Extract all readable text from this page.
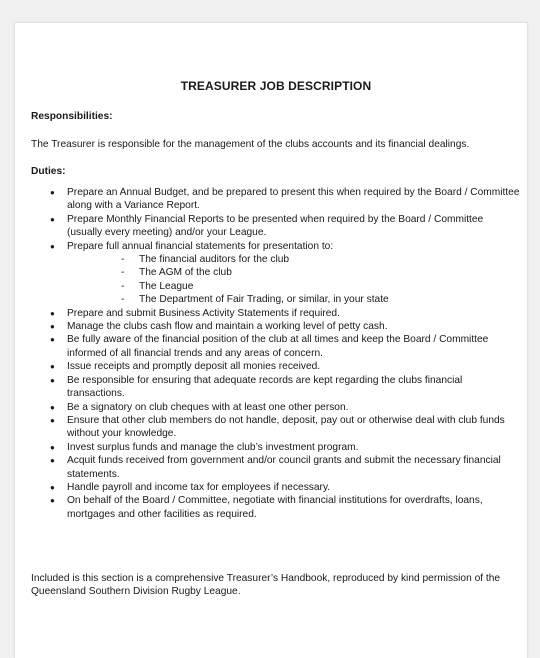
TREASURER JOB DESCRIPTION

Responsibilities:

The Treasurer is responsible for the management of the clubs accounts and its financial dealings.

Duties:

● Prepare an Annual Budget, and be prepared to present this when required by the Board / Committee along with a Variance Report.
● Prepare Monthly Financial Reports to be presented when required by the Board / Committee (usually every meeting) and/or your League.
● Prepare full annual financial statements for presentation to:
- The financial auditors for the club
- The AGM of the club
- The League
- The Department of Fair Trading, or similar, in your state
● Prepare and submit Business Activity Statements if required.
● Manage the clubs cash flow and maintain a working level of petty cash.
● Be fully aware of the financial position of the club at all times and keep the Board / Committee informed of all financial trends and any areas of concern.
● Issue receipts and promptly deposit all monies received.
● Be responsible for ensuring that adequate records are kept regarding the clubs financial transactions.
● Be a signatory on club cheques with at least one other person.
● Ensure that other club members do not handle, deposit, pay out or otherwise deal with club funds without your knowledge.
● Invest surplus funds and manage the club’s investment program.
● Acquit funds received from government and/or council grants and submit the necessary financial statements.
● Handle payroll and income tax for employees if necessary.
● On behalf of the Board / Committee, negotiate with financial institutions for overdrafts, loans, mortgages and other facilities as required.

Included is this section is a comprehensive Treasurer’s Handbook, reproduced by kind permission of the Queensland Southern Division Rugby League.
